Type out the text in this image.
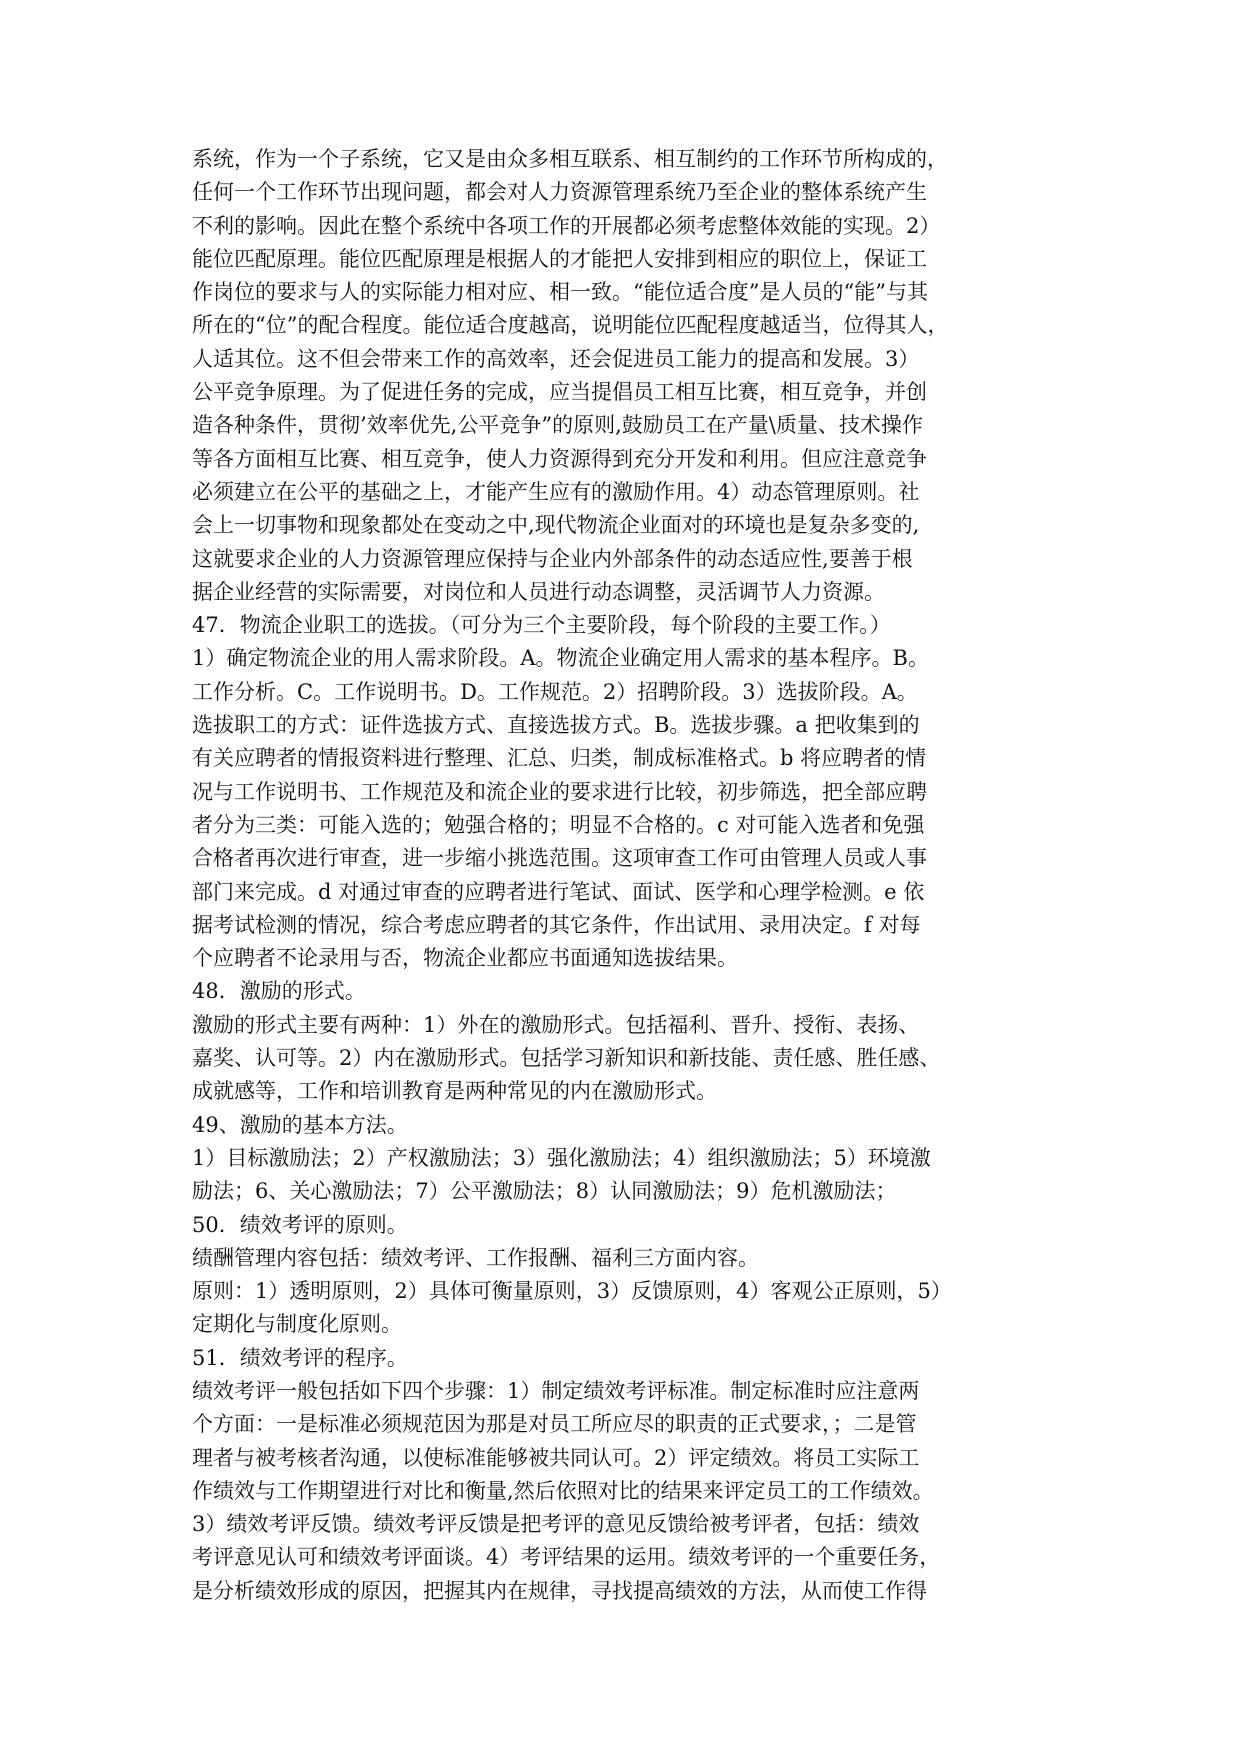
系统，作为一个子系统，它又是由众多相互联系、相互制约的工作环节所构成的，
任何一个工作环节出现问题，都会对人力资源管理系统乃至企业的整体系统产生
不利的影响。因此在整个系统中各项工作的开展都必须考虑整体效能的实现。2）
能位匹配原理。能位匹配原理是根据人的才能把人安排到相应的职位上，保证工
作岗位的要求与人的实际能力相对应、相一致。“能位适合度”是人员的“能”与其
所在的“位”的配合程度。能位适合度越高，说明能位匹配程度越适当，位得其人，
人适其位。这不但会带来工作的高效率，还会促进员工能力的提高和发展。3）
公平竞争原理。为了促进任务的完成，应当提倡员工相互比赛，相互竞争，并创
造各种条件，贯彻’效率优先,公平竞争”的原则,鼓励员工在产量\质量、技术操作
等各方面相互比赛、相互竞争，使人力资源得到充分开发和利用。但应注意竞争
必须建立在公平的基础之上，才能产生应有的激励作用。4）动态管理原则。社
会上一切事物和现象都处在变动之中,现代物流企业面对的环境也是复杂多变的,
这就要求企业的人力资源管理应保持与企业内外部条件的动态适应性,要善于根
据企业经营的实际需要，对岗位和人员进行动态调整，灵活调节人力资源。
47．物流企业职工的选拔。（可分为三个主要阶段，每个阶段的主要工作。）
1）确定物流企业的用人需求阶段。A。物流企业确定用人需求的基本程序。B。
工作分析。C。工作说明书。D。工作规范。2）招聘阶段。3）选拔阶段。A。
选拔职工的方式：证件选拔方式、直接选拔方式。B。选拔步骤。a 把收集到的
有关应聘者的情报资料进行整理、汇总、归类，制成标准格式。b 将应聘者的情
况与工作说明书、工作规范及和流企业的要求进行比较，初步筛选，把全部应聘
者分为三类：可能入选的；勉强合格的；明显不合格的。c 对可能入选者和免强
合格者再次进行审查，进一步缩小挑选范围。这项审查工作可由管理人员或人事
部门来完成。d 对通过审查的应聘者进行笔试、面试、医学和心理学检测。e 依
据考试检测的情况，综合考虑应聘者的其它条件，作出试用、录用决定。f 对每
个应聘者不论录用与否，物流企业都应书面通知选拔结果。
48．激励的形式。
激励的形式主要有两种：1）外在的激励形式。包括福利、晋升、授衔、表扬、
嘉奖、认可等。2）内在激励形式。包括学习新知识和新技能、责任感、胜任感、
成就感等，工作和培训教育是两种常见的内在激励形式。
49、激励的基本方法。
1）目标激励法；2）产权激励法；3）强化激励法；4）组织激励法；5）环境激
励法；6、关心激励法；7）公平激励法；8）认同激励法；9）危机激励法；
50．绩效考评的原则。
绩酬管理内容包括：绩效考评、工作报酬、福利三方面内容。
原则：1）透明原则，2）具体可衡量原则，3）反馈原则，4）客观公正原则，5）
定期化与制度化原则。
51．绩效考评的程序。
绩效考评一般包括如下四个步骤：1）制定绩效考评标准。制定标准时应注意两
个方面：一是标准必须规范因为那是对员工所应尽的职责的正式要求，；二是管
理者与被考核者沟通，以使标准能够被共同认可。2）评定绩效。将员工实际工
作绩效与工作期望进行对比和衡量,然后依照对比的结果来评定员工的工作绩效。
3）绩效考评反馈。绩效考评反馈是把考评的意见反馈给被考评者，包括：绩效
考评意见认可和绩效考评面谈。4）考评结果的运用。绩效考评的一个重要任务，
是分析绩效形成的原因，把握其内在规律，寻找提高绩效的方法，从而使工作得
